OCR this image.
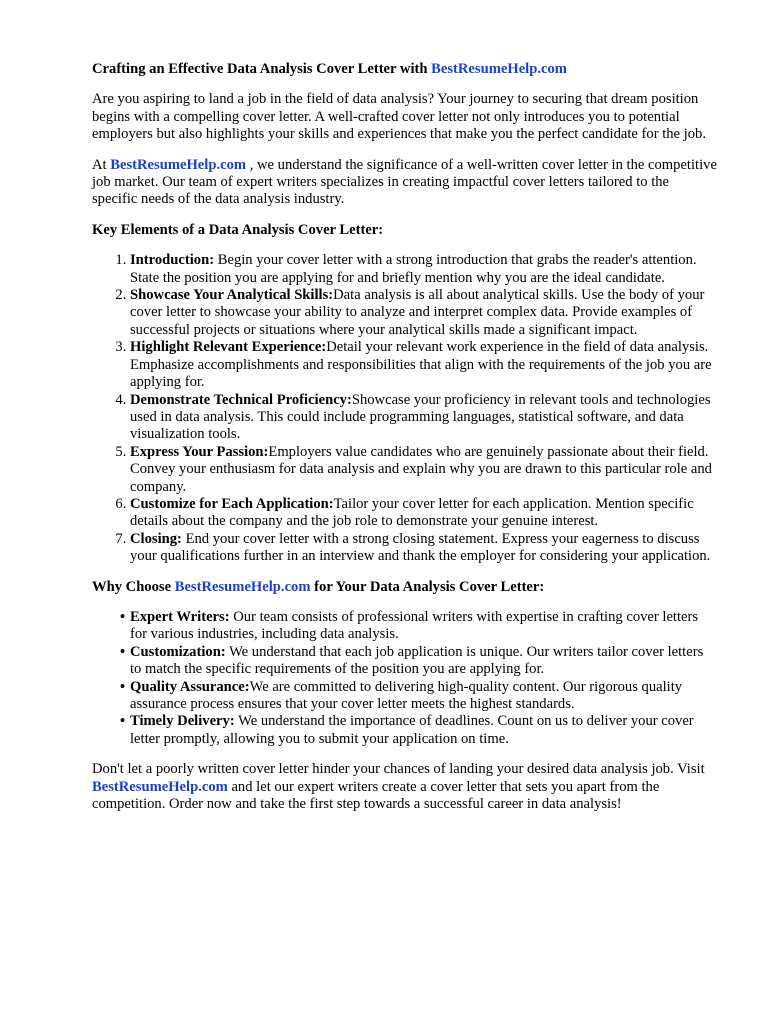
Crafting an Effective Data Analysis Cover Letter with BestResumeHelp.com

Are you aspiring to land a job in the field of data analysis? Your journey to securing that dream position begins with a compelling cover letter. A well-crafted cover letter not only introduces you to potential employers but also highlights your skills and experiences that make you the perfect candidate for the job.

At BestResumeHelp.com , we understand the significance of a well-written cover letter in the competitive job market. Our team of expert writers specializes in creating impactful cover letters tailored to the specific needs of the data analysis industry.

Key Elements of a Data Analysis Cover Letter:
1. Introduction: Begin your cover letter with a strong introduction that grabs the reader's attention. State the position you are applying for and briefly mention why you are the ideal candidate.
2. Showcase Your Analytical Skills:Data analysis is all about analytical skills. Use the body of your cover letter to showcase your ability to analyze and interpret complex data. Provide examples of successful projects or situations where your analytical skills made a significant impact.
3. Highlight Relevant Experience:Detail your relevant work experience in the field of data analysis. Emphasize accomplishments and responsibilities that align with the requirements of the job you are applying for.
4. Demonstrate Technical Proficiency:Showcase your proficiency in relevant tools and technologies used in data analysis. This could include programming languages, statistical software, and data visualization tools.
5. Express Your Passion:Employers value candidates who are genuinely passionate about their field. Convey your enthusiasm for data analysis and explain why you are drawn to this particular role and company.
6. Customize for Each Application:Tailor your cover letter for each application. Mention specific details about the company and the job role to demonstrate your genuine interest.
7. Closing: End your cover letter with a strong closing statement. Express your eagerness to discuss your qualifications further in an interview and thank the employer for considering your application.
Why Choose BestResumeHelp.com for Your Data Analysis Cover Letter:
• Expert Writers: Our team consists of professional writers with expertise in crafting cover letters for various industries, including data analysis.
• Customization: We understand that each job application is unique. Our writers tailor cover letters to match the specific requirements of the position you are applying for.
• Quality Assurance:We are committed to delivering high-quality content. Our rigorous quality assurance process ensures that your cover letter meets the highest standards.
• Timely Delivery: We understand the importance of deadlines. Count on us to deliver your cover letter promptly, allowing you to submit your application on time.

Don't let a poorly written cover letter hinder your chances of landing your desired data analysis job. Visit BestResumeHelp.com and let our expert writers create a cover letter that sets you apart from the competition. Order now and take the first step towards a successful career in data analysis!
